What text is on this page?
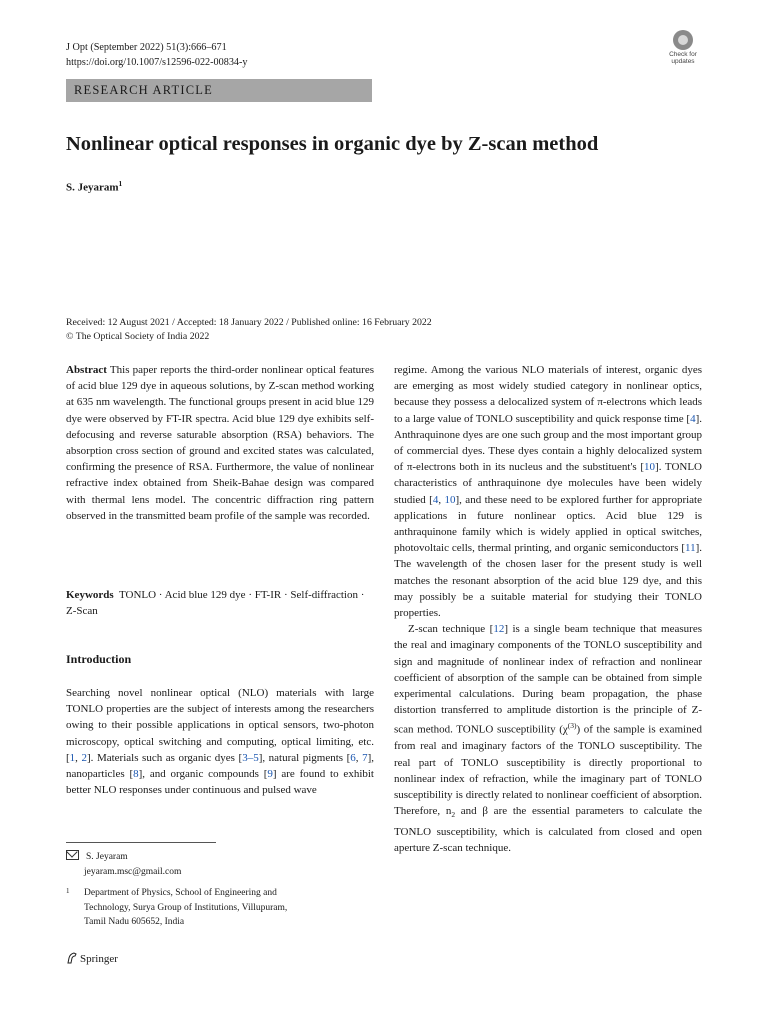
J Opt (September 2022) 51(3):666–671
https://doi.org/10.1007/s12596-022-00834-y
Check for updates
RESEARCH ARTICLE
Nonlinear optical responses in organic dye by Z-scan method
S. Jeyaram$^1$
Received: 12 August 2021 / Accepted: 18 January 2022 / Published online: 16 February 2022
© The Optical Society of India 2022

Abstract This paper reports the third-order nonlinear optical features of acid blue 129 dye in aqueous solutions, by Z-scan method working at 635 nm wavelength. The functional groups present in acid blue 129 dye were observed by FT-IR spectra. Acid blue 129 dye exhibits self-defocusing and reverse saturable absorption (RSA) behaviors. The absorption cross section of ground and excited states was calculated, confirming the presence of RSA. Furthermore, the value of nonlinear refractive index obtained from Sheik-Bahae design was compared with thermal lens model. The concentric diffraction ring pattern observed in the transmitted beam profile of the sample was recorded.

Keywords TONLO · Acid blue 129 dye · FT-IR · Self-diffraction · Z-Scan

Introduction

Searching novel nonlinear optical (NLO) materials with large TONLO properties are the subject of interests among the researchers owing to their possible applications in optical sensors, two-photon microscopy, optical switching and computing, optical limiting, etc. [1, 2]. Materials such as organic dyes [3–5], natural pigments [6, 7], nanoparticles [8], and organic compounds [9] are found to exhibit better NLO responses under continuous and pulsed wave

regime. Among the various NLO materials of interest, organic dyes are emerging as most widely studied category in nonlinear optics, because they possess a delocalized system of π-electrons which leads to a large value of TONLO susceptibility and quick response time [4]. Anthraquinone dyes are one such group and the most important group of commercial dyes. These dyes contain a highly delocalized system of π-electrons both in its nucleus and the substituent's [10]. TONLO characteristics of anthraquinone dye molecules have been widely studied [4, 10], and these need to be explored further for appropriate applications in future nonlinear optics. Acid blue 129 is anthraquinone family which is widely applied in optical switches, photovoltaic cells, thermal printing, and organic semiconductors [11]. The wavelength of the chosen laser for the present study is well matches the resonant absorption of the acid blue 129 dye, and this may possibly be a suitable material for studying their TONLO properties.

Z-scan technique [12] is a single beam technique that measures the real and imaginary components of the TONLO susceptibility and sign and magnitude of nonlinear index of refraction and nonlinear coefficient of absorption of the sample can be obtained from simple experimental calculations. During beam propagation, the phase distortion transferred to amplitude distortion is the principle of Z-scan method. TONLO susceptibility $(\chi^{(3)})$ of the sample is examined from real and imaginary factors of the TONLO susceptibility. The real part of TONLO susceptibility is directly proportional to nonlinear index of refraction, while the imaginary part of TONLO susceptibility is directly related to nonlinear coefficient of absorption. Therefore, $n_2$ and β are the essential parameters to calculate the TONLO susceptibility, which is calculated from closed and open aperture Z-scan technique.

S. Jeyaram
jeyaram.msc@gmail.com
1 Department of Physics, School of Engineering and
Technology, Surya Group of Institutions, Villupuram,
Tamil Nadu 605652, India
Springer
